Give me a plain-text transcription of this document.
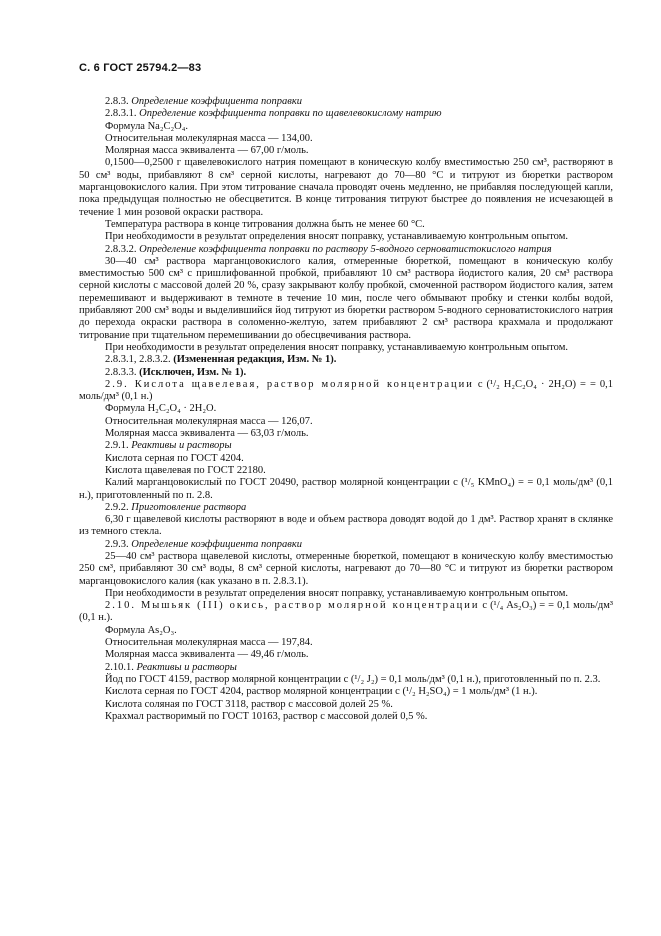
С. 6 ГОСТ 25794.2—83

2.8.3. Определение коэффициента поправки

2.8.3.1. Определение коэффициента поправки по щавелевокислому натрию

Формула Na₂C₂O₄.

Относительная молекулярная масса — 134,00.

Молярная масса эквивалента — 67,00 г/моль.

0,1500—0,2500 г щавелевокислого натрия помещают в коническую колбу вместимостью 250 см³, растворяют в 50 см³ воды, прибавляют 8 см³ серной кислоты, нагревают до 70—80 °С и титруют из бюретки раствором марганцовокислого калия. При этом титрование сначала проводят очень медленно, не прибавляя последующей капли, пока предыдущая полностью не обесцветится. В конце титрования титруют быстрее до появления не исчезающей в течение 1 мин розовой окраски раствора.

Температура раствора в конце титрования должна быть не менее 60 °С.

При необходимости в результат определения вносят поправку, устанавливаемую контрольным опытом.

2.8.3.2. Определение коэффициента поправки по раствору 5-водного серноватистокислого натрия

30—40 см³ раствора марганцовокислого калия, отмеренные бюреткой, помещают в коническую колбу вместимостью 500 см³ с пришлифованной пробкой, прибавляют 10 см³ раствора йодистого калия, 20 см³ раствора серной кислоты с массовой долей 20 %, сразу закрывают колбу пробкой, смоченной раствором йодистого калия, затем перемешивают и выдерживают в темноте в течение 10 мин, после чего обмывают пробку и стенки колбы водой, прибавляют 200 см³ воды и выделившийся йод титруют из бюретки раствором 5-водного серноватистокислого натрия до перехода окраски раствора в соломенно-желтую, затем прибавляют 2 см³ раствора крахмала и продолжают титрование при тщательном перемешивании до обесцвечивания раствора.

При необходимости в результат определения вносят поправку, устанавливаемую контрольным опытом.

2.8.3.1, 2.8.3.2. (Измененная редакция, Изм. № 1).

2.8.3.3. (Исключен, Изм. № 1).

2.9. Кислота щавелевая, раствор молярной концентрации с (¹/₂ H₂C₂O₄ · 2H₂O) = = 0,1 моль/дм³ (0,1 н.)

Формула H₂C₂O₄ · 2H₂O.

Относительная молекулярная масса — 126,07.

Молярная масса эквивалента — 63,03 г/моль.

2.9.1. Реактивы и растворы

Кислота серная по ГОСТ 4204.

Кислота щавелевая по ГОСТ 22180.

Калий марганцовокислый по ГОСТ 20490, раствор молярной концентрации с (¹/₅ KMnO₄) = = 0,1 моль/дм³ (0,1 н.), приготовленный по п. 2.8.

2.9.2. Приготовление раствора

6,30 г щавелевой кислоты растворяют в воде и объем раствора доводят водой до 1 дм³. Раствор хранят в склянке из темного стекла.

2.9.3. Определение коэффициента поправки

25—40 см³ раствора щавелевой кислоты, отмеренные бюреткой, помещают в коническую колбу вместимостью 250 см³, прибавляют 30 см³ воды, 8 см³ серной кислоты, нагревают до 70—80 °С и титруют из бюретки раствором марганцовокислого калия (как указано в п. 2.8.3.1).

При необходимости в результат определения вносят поправку, устанавливаемую контрольным опытом.

2.10. Мышьяк (III) окись, раствор молярной концентрации с (¹/₄ As₂O₃) = = 0,1 моль/дм³ (0,1 н.).

Формула As₂O₃.

Относительная молекулярная масса — 197,84.

Молярная масса эквивалента — 49,46 г/моль.

2.10.1. Реактивы и растворы

Йод по ГОСТ 4159, раствор молярной концентрации с (¹/₂ J₂) = 0,1 моль/дм³ (0,1 н.), приготовленный по п. 2.3.

Кислота серная по ГОСТ 4204, раствор молярной концентрации с (¹/₂ H₂SO₄) = 1 моль/дм³ (1 н.).

Кислота соляная по ГОСТ 3118, раствор с массовой долей 25 %.

Крахмал растворимый по ГОСТ 10163, раствор с массовой долей 0,5 %.
